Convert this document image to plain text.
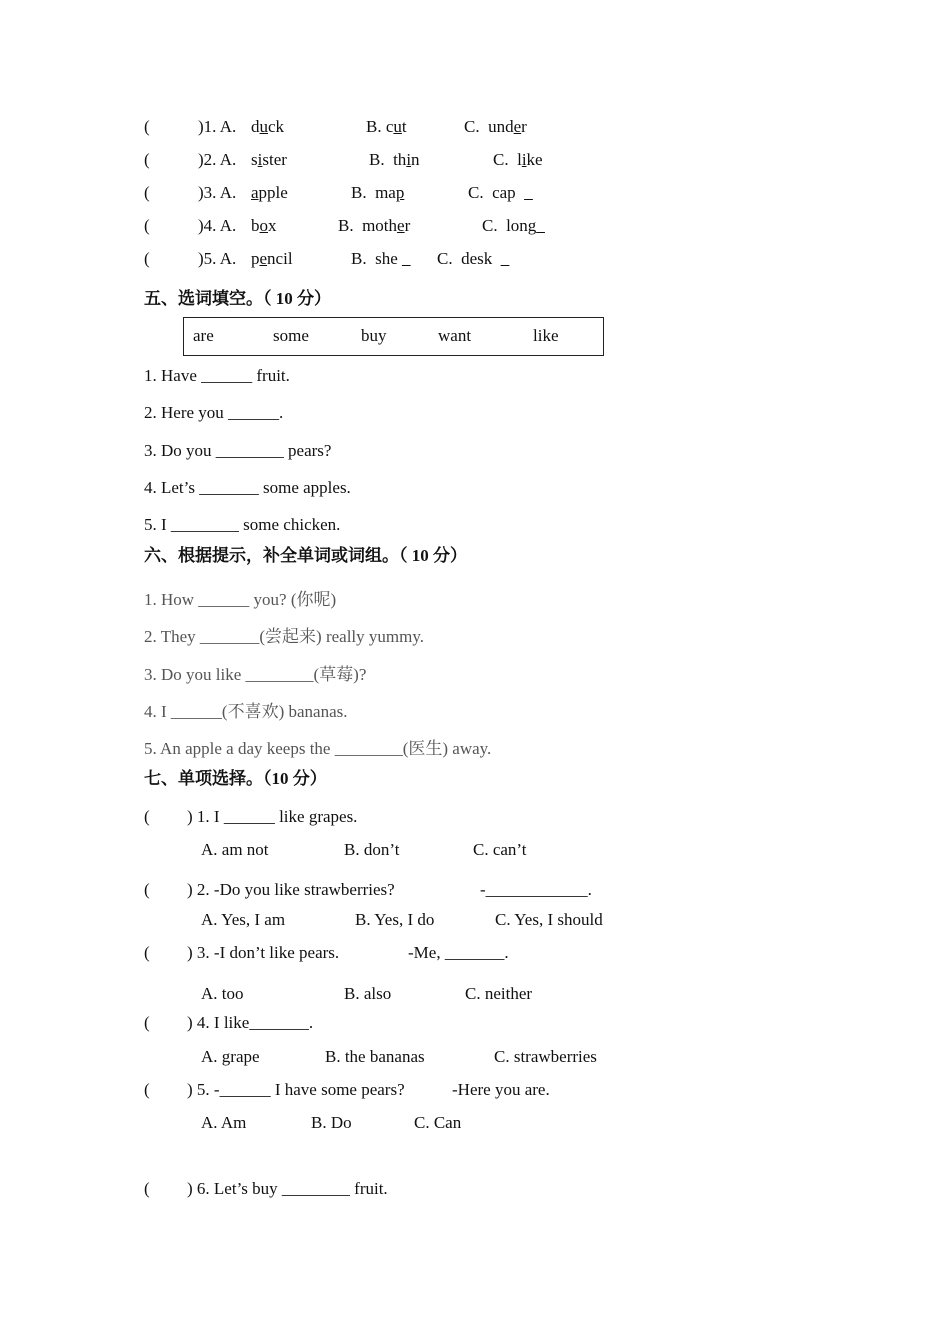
(	)1. A. duck	B. cut	C.  under
(	)2. A. sister	B.  thin	C.  like
(	)3. A. apple	B.  map	C.  cap  _
(	)4. A. box	B.  mother	C.  long_
(	)5. A. pencil	B.  she _ C.  desk  _
五、选词填空。（ 10 分）
are	some	buy	want	like
1. Have ______ fruit.
2. Here you ______.
3. Do you ________ pears?
4. Let’s _______ some apples.
5. I ________ some chicken.
六、根据提示，补全单词或词组。（ 10 分）
1. How ______ you? (你呢)
2. They _______(尝起来) really yummy.
3. Do you like ________(草莓)?
4. I ______(不喜欢) bananas.
5. An apple a day keeps the ________(医生) away.
七、单项选择。（10 分）
( ) 1. I ______ like grapes.
A. am not	B. don’t	C. can’t
( ) 2. -Do you like strawberries?	-____________.
A. Yes, I am	B. Yes, I do	C. Yes, I should
( ) 3. -I don’t like pears.	-Me, _______.
A. too	B. also	C. neither
( ) 4. I like_______.
A. grape	B. the bananas	C. strawberries
( ) 5. -______ I have some pears?	-Here you are.
A. Am	B. Do	C. Can
( ) 6. Let’s buy ________ fruit.
